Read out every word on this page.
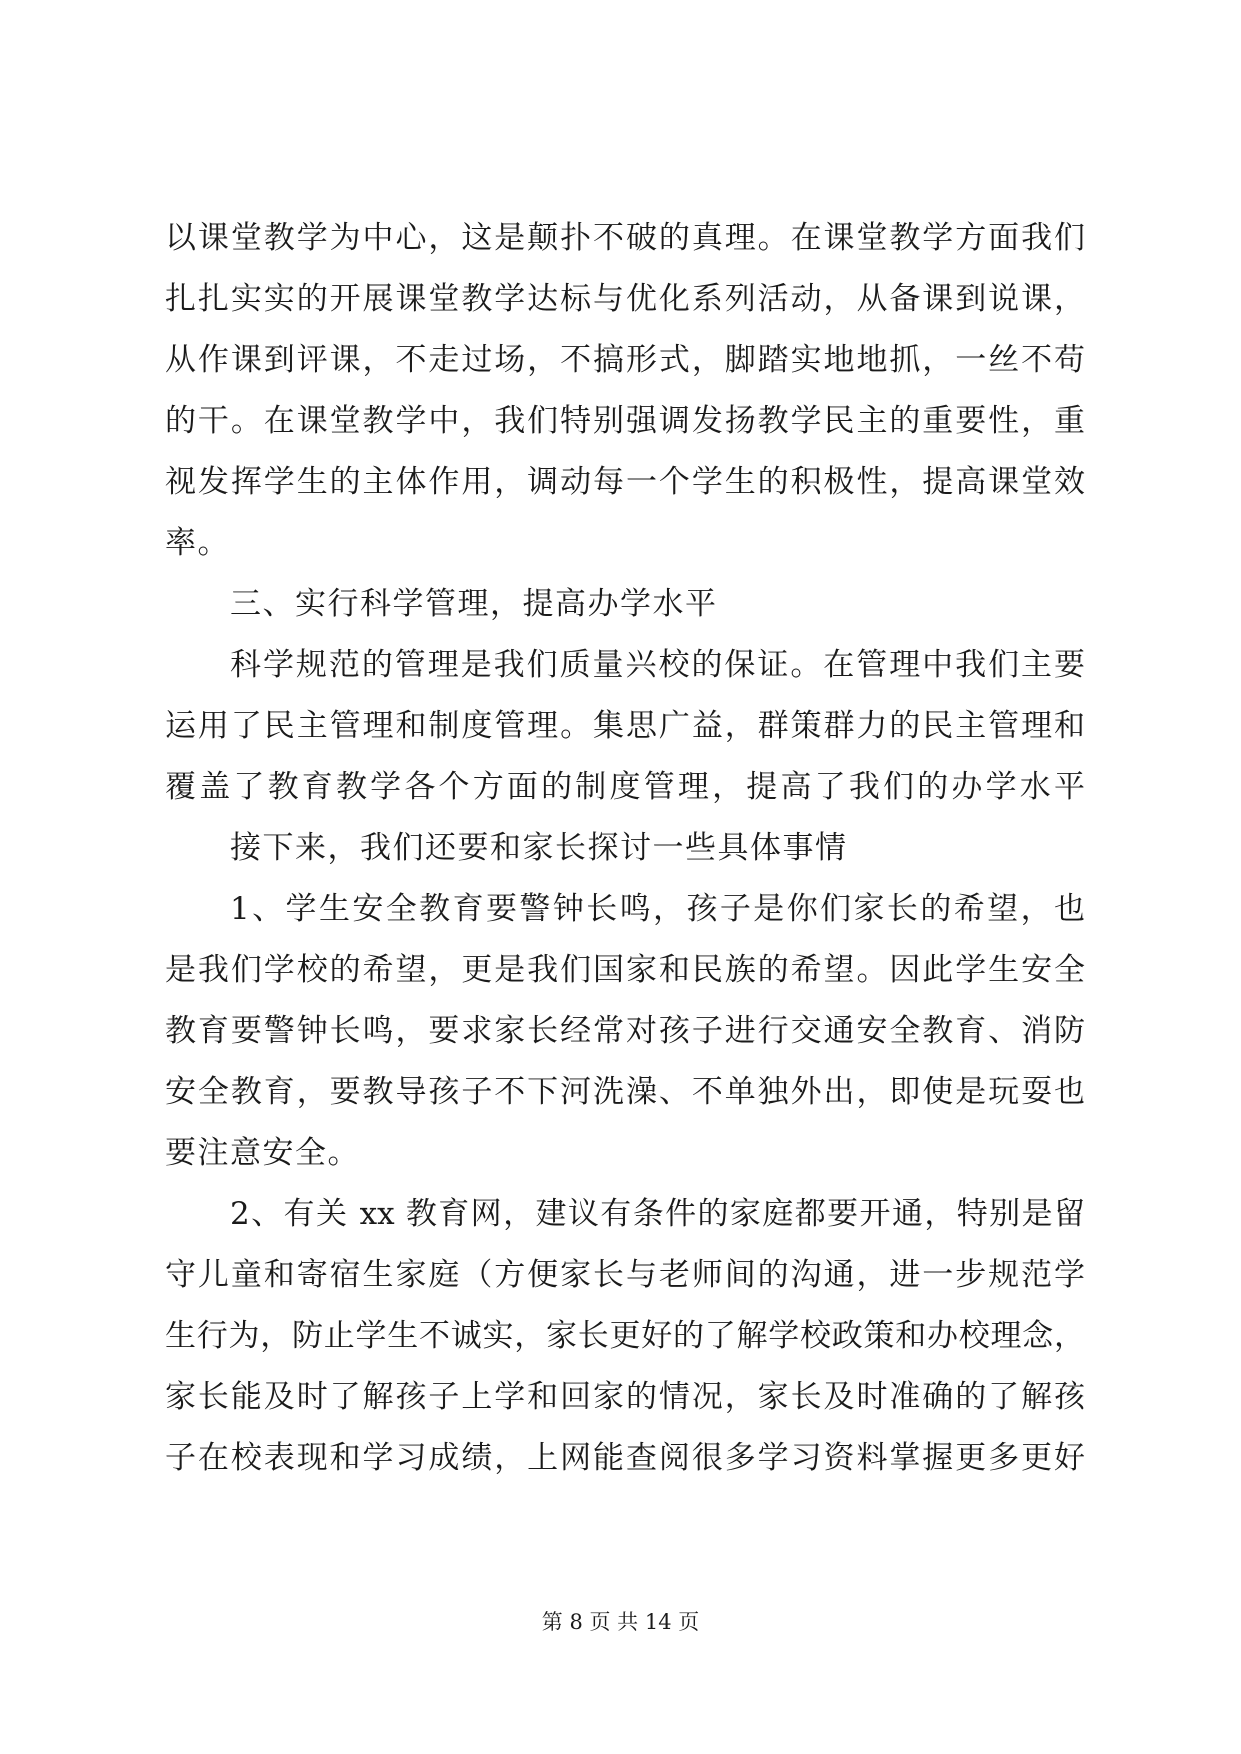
以课堂教学为中心，这是颠扑不破的真理。在课堂教学方面我们
扎扎实实的开展课堂教学达标与优化系列活动，从备课到说课，
从作课到评课，不走过场，不搞形式，脚踏实地地抓，一丝不苟
的干。在课堂教学中，我们特别强调发扬教学民主的重要性，重
视发挥学生的主体作用，调动每一个学生的积极性，提高课堂效
率。
三、实行科学管理，提高办学水平
科学规范的管理是我们质量兴校的保证。在管理中我们主要
运用了民主管理和制度管理。集思广益，群策群力的民主管理和
覆盖了教育教学各个方面的制度管理，提高了我们的办学水平
接下来，我们还要和家长探讨一些具体事情
1、学生安全教育要警钟长鸣，孩子是你们家长的希望，也
是我们学校的希望，更是我们国家和民族的希望。因此学生安全
教育要警钟长鸣，要求家长经常对孩子进行交通安全教育、消防
安全教育，要教导孩子不下河洗澡、不单独外出，即使是玩耍也
要注意安全。
2、有关 xx 教育网，建议有条件的家庭都要开通，特别是留
守儿童和寄宿生家庭（方便家长与老师间的沟通，进一步规范学
生行为，防止学生不诚实，家长更好的了解学校政策和办校理念，
家长能及时了解孩子上学和回家的情况，家长及时准确的了解孩
子在校表现和学习成绩，上网能查阅很多学习资料掌握更多更好
第 8 页 共 14 页
